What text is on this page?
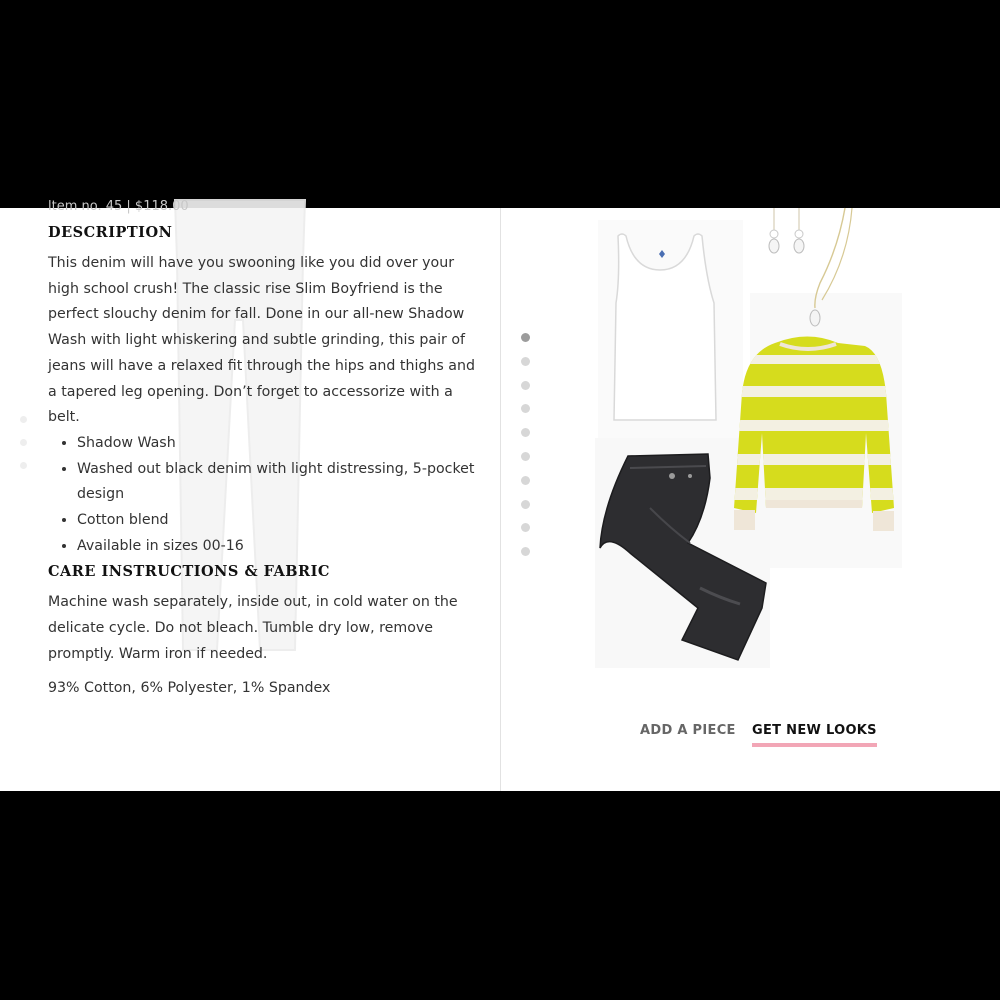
ltem no. 45 | $118.00
DESCRIPTION

This denim will have you swooning like you did over your high school crush! The classic rise Slim Boyfriend is the perfect slouchy denim for fall. Done in our all-new Shadow Wash with light whiskering and subtle grinding, this pair of jeans will have a relaxed fit through the hips and thighs and a tapered leg opening. Don’t forget to accessorize with a belt.

• Shadow Wash
• Washed out black denim with light distressing, 5-pocket design
• Cotton blend
• Available in sizes 00-16
CARE INSTRUCTIONS & FABRIC

Machine wash separately, inside out, in cold water on the delicate cycle. Do not bleach. Tumble dry low, remove promptly. Warm iron if needed.

93% Cotton, 6% Polyester, 1% Spandex

ADD A PIECE GET NEW LOOKS
